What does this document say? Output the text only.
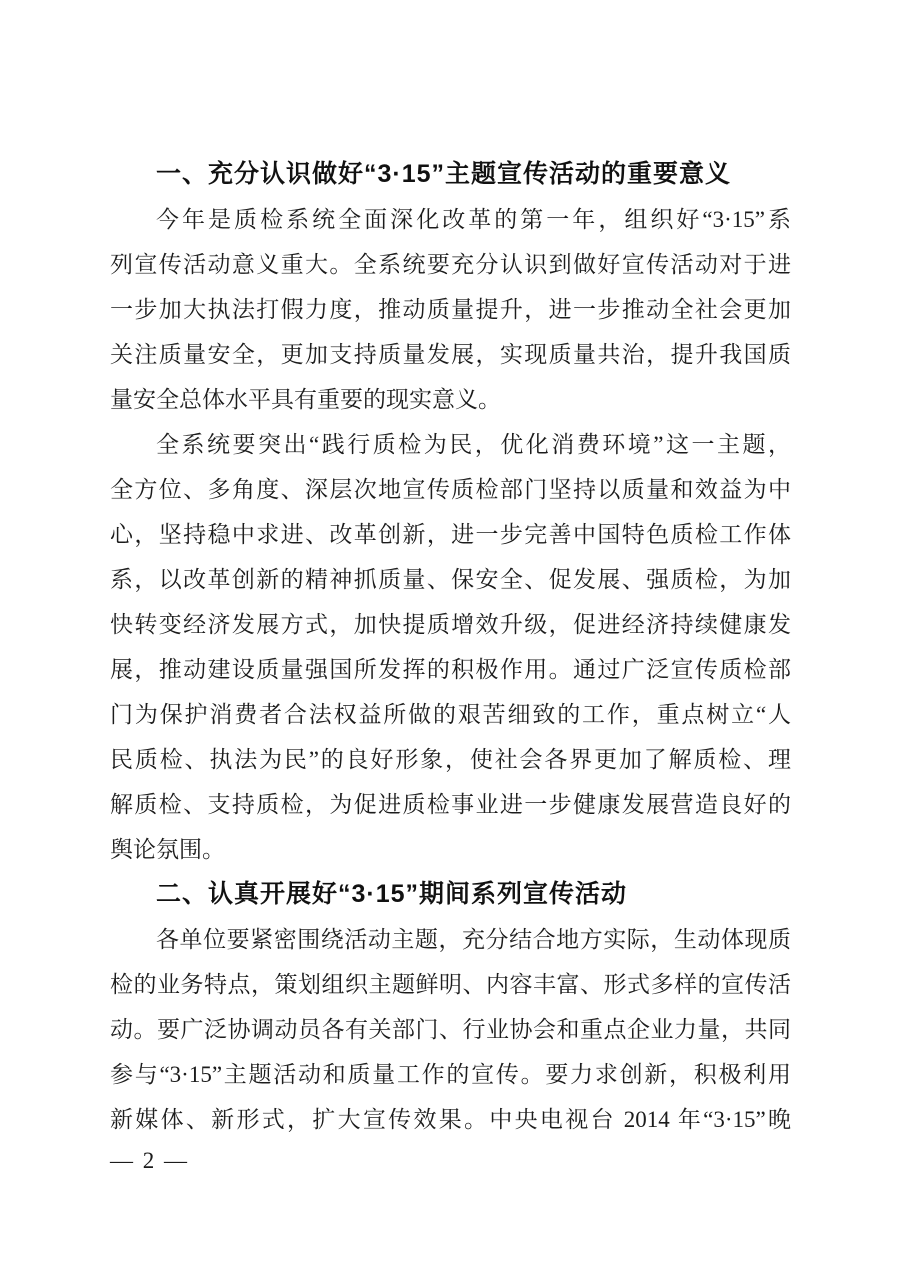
一、充分认识做好“3·15”主题宣传活动的重要意义
今年是质检系统全面深化改革的第一年，组织好“3·15”系
列宣传活动意义重大。全系统要充分认识到做好宣传活动对于进
一步加大执法打假力度，推动质量提升，进一步推动全社会更加
关注质量安全，更加支持质量发展，实现质量共治，提升我国质
量安全总体水平具有重要的现实意义。
全系统要突出“践行质检为民，优化消费环境”这一主题，
全方位、多角度、深层次地宣传质检部门坚持以质量和效益为中
心，坚持稳中求进、改革创新，进一步完善中国特色质检工作体
系，以改革创新的精神抓质量、保安全、促发展、强质检，为加
快转变经济发展方式，加快提质增效升级，促进经济持续健康发
展，推动建设质量强国所发挥的积极作用。通过广泛宣传质检部
门为保护消费者合法权益所做的艰苦细致的工作，重点树立“人
民质检、执法为民”的良好形象，使社会各界更加了解质检、理
解质检、支持质检，为促进质检事业进一步健康发展营造良好的
舆论氛围。
二、认真开展好“3·15”期间系列宣传活动
各单位要紧密围绕活动主题，充分结合地方实际，生动体现质
检的业务特点，策划组织主题鲜明、内容丰富、形式多样的宣传活
动。要广泛协调动员各有关部门、行业协会和重点企业力量，共同
参与“3·15”主题活动和质量工作的宣传。要力求创新，积极利用
新媒体、新形式，扩大宣传效果。中央电视台 2014 年“3·15”晚
— 2 —
